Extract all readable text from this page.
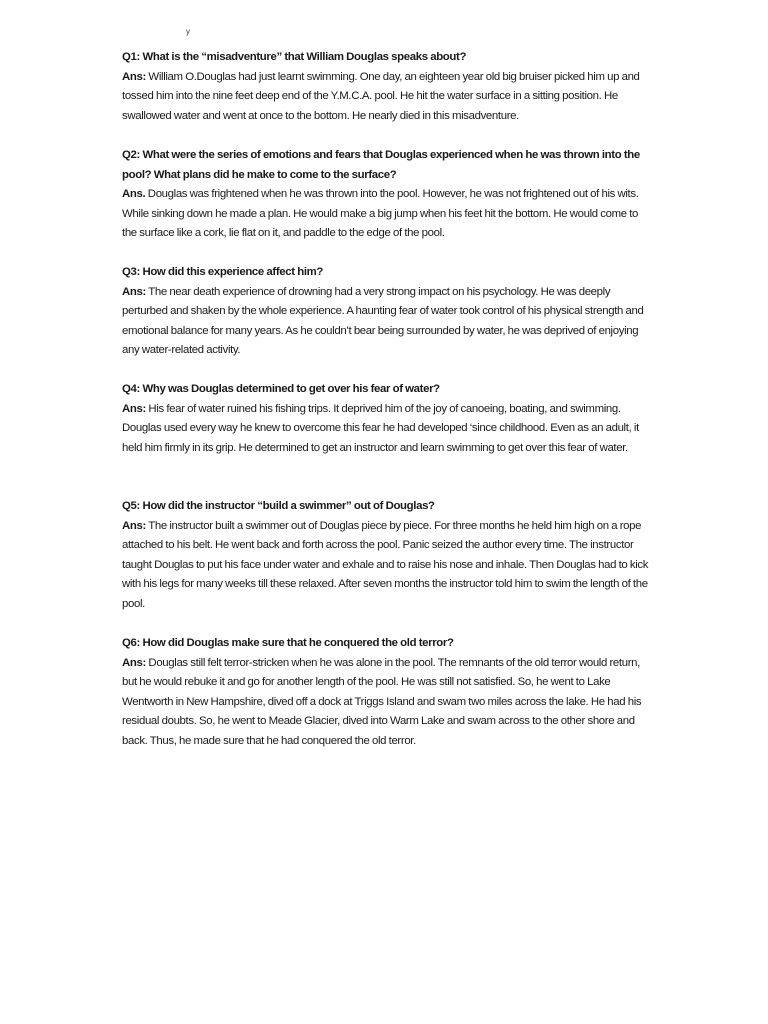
y

Q1: What is the “misadventure” that William Douglas speaks about?

Ans: William O.Douglas had just learnt swimming. One day, an eighteen year old big bruiser picked him up and tossed him into the nine feet deep end of the Y.M.C.A. pool. He hit the water surface in a sitting position. He swallowed water and went at once to the bottom. He nearly died in this misadventure.

Q2: What were the series of emotions and fears that Douglas experienced when he was thrown into the pool? What plans did he make to come to the surface?

Ans. Douglas was frightened when he was thrown into the pool. However, he was not frightened out of his wits. While sinking down he made a plan. He would make a big jump when his feet hit the bottom. He would come to the surface like a cork, lie flat on it, and paddle to the edge of the pool.

Q3: How did this experience affect him?

Ans: The near death experience of drowning had a very strong impact on his psychology. He was deeply perturbed and shaken by the whole experience. A haunting fear of water took control of his physical strength and emotional balance for many years. As he couldn’t bear being surrounded by water, he was deprived of enjoying any water-related activity.

Q4: Why was Douglas determined to get over his fear of water?

Ans: His fear of water ruined his fishing trips. It deprived him of the joy of canoeing, boating, and swimming. Douglas used every way he knew to overcome this fear he had developed ‘since childhood. Even as an adult, it held him firmly in its grip. He determined to get an instructor and learn swimming to get over this fear of water.

Q5: How did the instructor “build a swimmer” out of Douglas?

Ans: The instructor built a swimmer out of Douglas piece by piece. For three months he held him high on a rope attached to his belt. He went back and forth across the pool. Panic seized the author every time. The instructor taught Douglas to put his face under water and exhale and to raise his nose and inhale. Then Douglas had to kick with his legs for many weeks till these relaxed. After seven months the instructor told him to swim the length of the pool.

Q6: How did Douglas make sure that he conquered the old terror?

Ans: Douglas still felt terror-stricken when he was alone in the pool. The remnants of the old terror would return, but he would rebuke it and go for another length of the pool. He was still not satisfied. So, he went to Lake Wentworth in New Hampshire, dived off a dock at Triggs Island and swam two miles across the lake. He had his residual doubts. So, he went to Meade Glacier, dived into Warm Lake and swam across to the other shore and back. Thus, he made sure that he had conquered the old terror.
